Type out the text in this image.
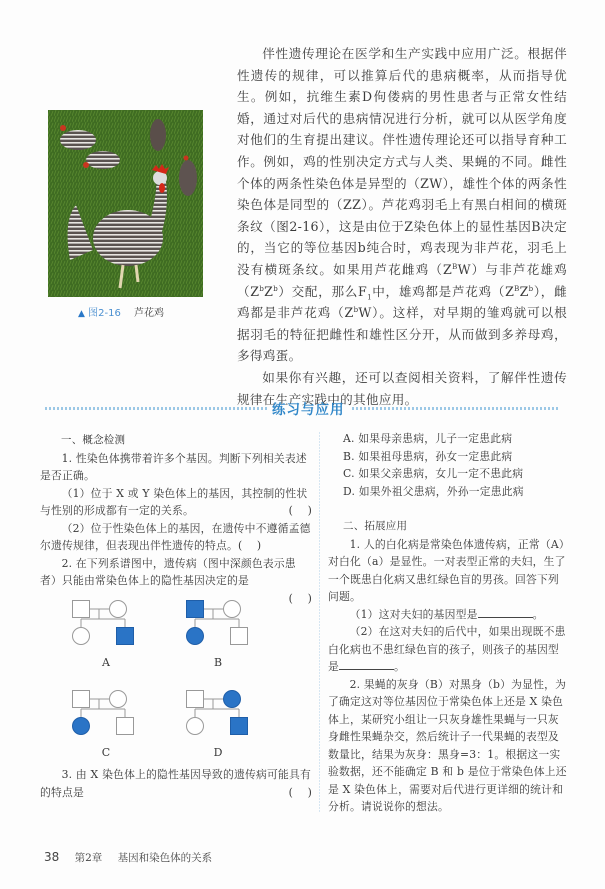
▲ 图2-16 芦花鸡

伴性遗传理论在医学和生产实践中应用广泛。根据伴性遗传的规律，可以推算后代的患病概率，从而指导优生。例如，抗维生素D佝偻病的男性患者与正常女性结婚，通过对后代的患病情况进行分析，就可以从医学角度对他们的生育提出建议。伴性遗传理论还可以指导育种工作。例如，鸡的性别决定方式与人类、果蝇的不同。雌性个体的两条性染色体是异型的（ZW），雄性个体的两条性染色体是同型的（ZZ）。芦花鸡羽毛上有黑白相间的横斑条纹（图2-16），这是由位于Z染色体上的显性基因B决定的，当它的等位基因b纯合时，鸡表现为非芦花，羽毛上没有横斑条纹。如果用芦花雌鸡$(Z^BW)$与非芦花雄鸡$(Z^bZ^b)$交配，那么$F_1$中，雄鸡都是芦花鸡$(Z^BZ^b)$，雌鸡都是非芦花鸡$(Z^bW)$。这样，对早期的雏鸡就可以根据羽毛的特征把雌性和雄性区分开，从而做到多养母鸡，多得鸡蛋。

如果你有兴趣，还可以查阅相关资料，了解伴性遗传规律在生产实践中的其他应用。

练习与应用

一、概念检测

1. 性染色体携带着许多个基因。判断下列相关表述是否正确。

（1）位于 X 或 Y 染色体上的基因，其控制的性状与性别的形成都有一定的关系。	(    )

（2）位于性染色体上的基因，在遗传中不遵循孟德尔遗传规律，但表现出伴性遗传的特点。(    )

2. 在下列系谱图中，遗传病（图中深颜色表示患者）只能由常染色体上的隐性基因决定的是

(    )

A	B
C	D

3. 由 X 染色体上的隐性基因导致的遗传病可能具有的特点是	(    )

A. 如果母亲患病，儿子一定患此病

B. 如果祖母患病，孙女一定患此病

C. 如果父亲患病，女儿一定不患此病

D. 如果外祖父患病，外孙一定患此病

二、拓展应用

1. 人的白化病是常染色体遗传病，正常（A）对白化（a）是显性。一对表型正常的夫妇，生了一个既患白化病又患红绿色盲的男孩。回答下列问题。

（1）这对夫妇的基因型是	。

（2）在这对夫妇的后代中，如果出现既不患白化病也不患红绿色盲的孩子，则孩子的基因型是	。

2. 果蝇的灰身（B）对黑身（b）为显性，为了确定这对等位基因位于常染色体上还是 X 染色体上，某研究小组让一只灰身雄性果蝇与一只灰身雌性果蝇杂交，然后统计子一代果蝇的表型及数量比，结果为灰身：黑身=3：1。根据这一实验数据，还不能确定 B 和 b 是位于常染色体上还是 X 染色体上，需要对后代进行更详细的统计和分析。请说说你的想法。

38 第2章 基因和染色体的关系
